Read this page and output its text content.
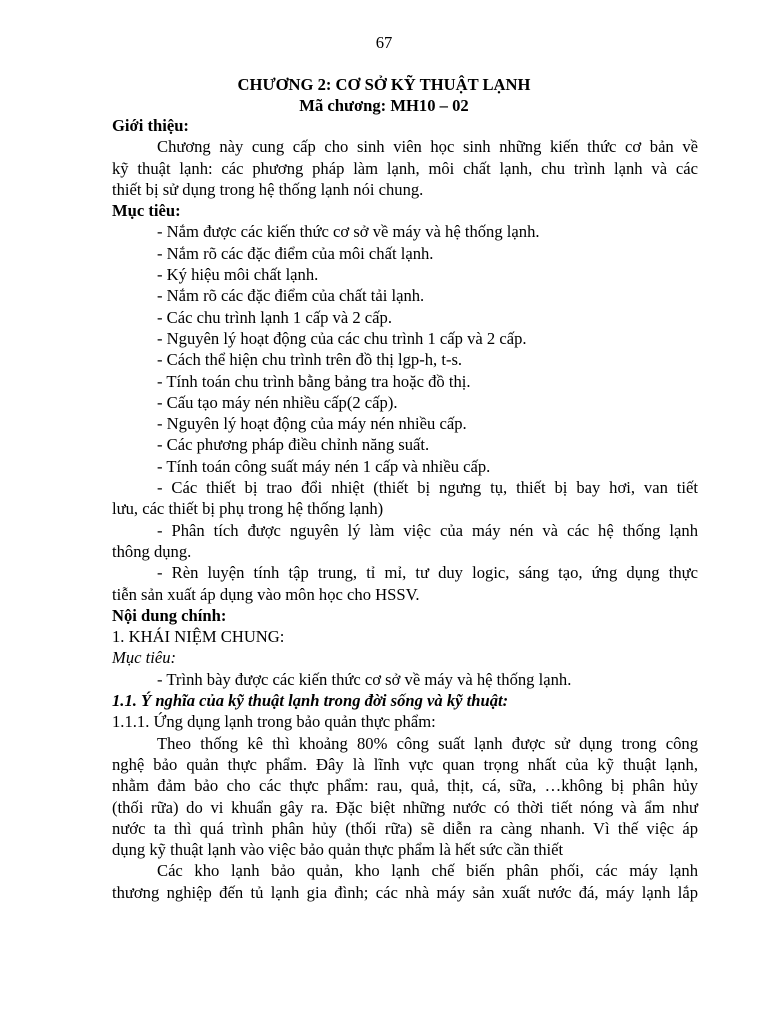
67
CHƯƠNG 2: CƠ SỞ KỸ THUẬT LẠNH
Mã chương: MH10 – 02

Giới thiệu:

Chương này cung cấp cho sinh viên học sinh những kiến thức cơ bản về

kỹ thuật lạnh: các phương pháp làm lạnh, môi chất lạnh, chu trình lạnh và các

thiết bị sử dụng trong hệ thống lạnh nói chung.

Mục tiêu:

- Nắm được các kiến thức cơ sở về máy và hệ thống lạnh.

- Nắm rõ các đặc điểm của môi chất lạnh.

- Ký hiệu môi chất lạnh.

- Nắm rõ các đặc điểm của chất tải lạnh.

- Các chu trình lạnh 1 cấp và 2 cấp.

- Nguyên lý hoạt động của các chu trình 1 cấp và 2 cấp.

- Cách thể hiện chu trình trên đồ thị lgp-h, t-s.

- Tính toán chu trình bằng bảng tra hoặc đồ thị.

- Cấu tạo máy nén nhiều cấp(2 cấp).

- Nguyên lý hoạt động của máy nén nhiều cấp.

- Các phương pháp điều chỉnh năng suất.

- Tính toán công suất máy nén 1 cấp và nhiều cấp.

- Các thiết bị trao đổi nhiệt (thiết bị ngưng tụ, thiết bị bay hơi, van tiết

lưu, các thiết bị phụ trong hệ thống lạnh)

- Phân tích được nguyên lý làm việc của máy nén và các hệ thống lạnh

thông dụng.

- Rèn luyện tính tập trung, tỉ mỉ, tư duy logic, sáng tạo, ứng dụng thực

tiễn sản xuất áp dụng vào môn học cho HSSV.

Nội dung chính:

1. KHÁI NIỆM CHUNG:

Mục tiêu:

- Trình bày được các kiến thức cơ sở về máy và hệ thống lạnh.

1.1. Ý nghĩa của kỹ thuật lạnh trong đời sống và kỹ thuật:

1.1.1. Ứng dụng lạnh trong bảo quản thực phẩm:

Theo thống kê thì khoảng 80% công suất lạnh được sử dụng trong công

nghệ bảo quản thực phẩm. Đây là lĩnh vực quan trọng nhất của kỹ thuật lạnh,

nhằm đảm bảo cho các thực phẩm: rau, quả, thịt, cá, sữa, …không bị phân hủy

(thối rữa) do vi khuẩn gây ra. Đặc biệt những nước có thời tiết nóng và ẩm như

nước ta thì quá trình phân hủy (thối rữa) sẽ diễn ra càng nhanh. Vì thế việc áp

dụng kỹ thuật lạnh vào việc bảo quản thực phẩm là hết sức cần thiết

Các kho lạnh bảo quản, kho lạnh chế biến phân phối, các máy lạnh

thương nghiệp đến tủ lạnh gia đình; các nhà máy sản xuất nước đá, máy lạnh lắp
